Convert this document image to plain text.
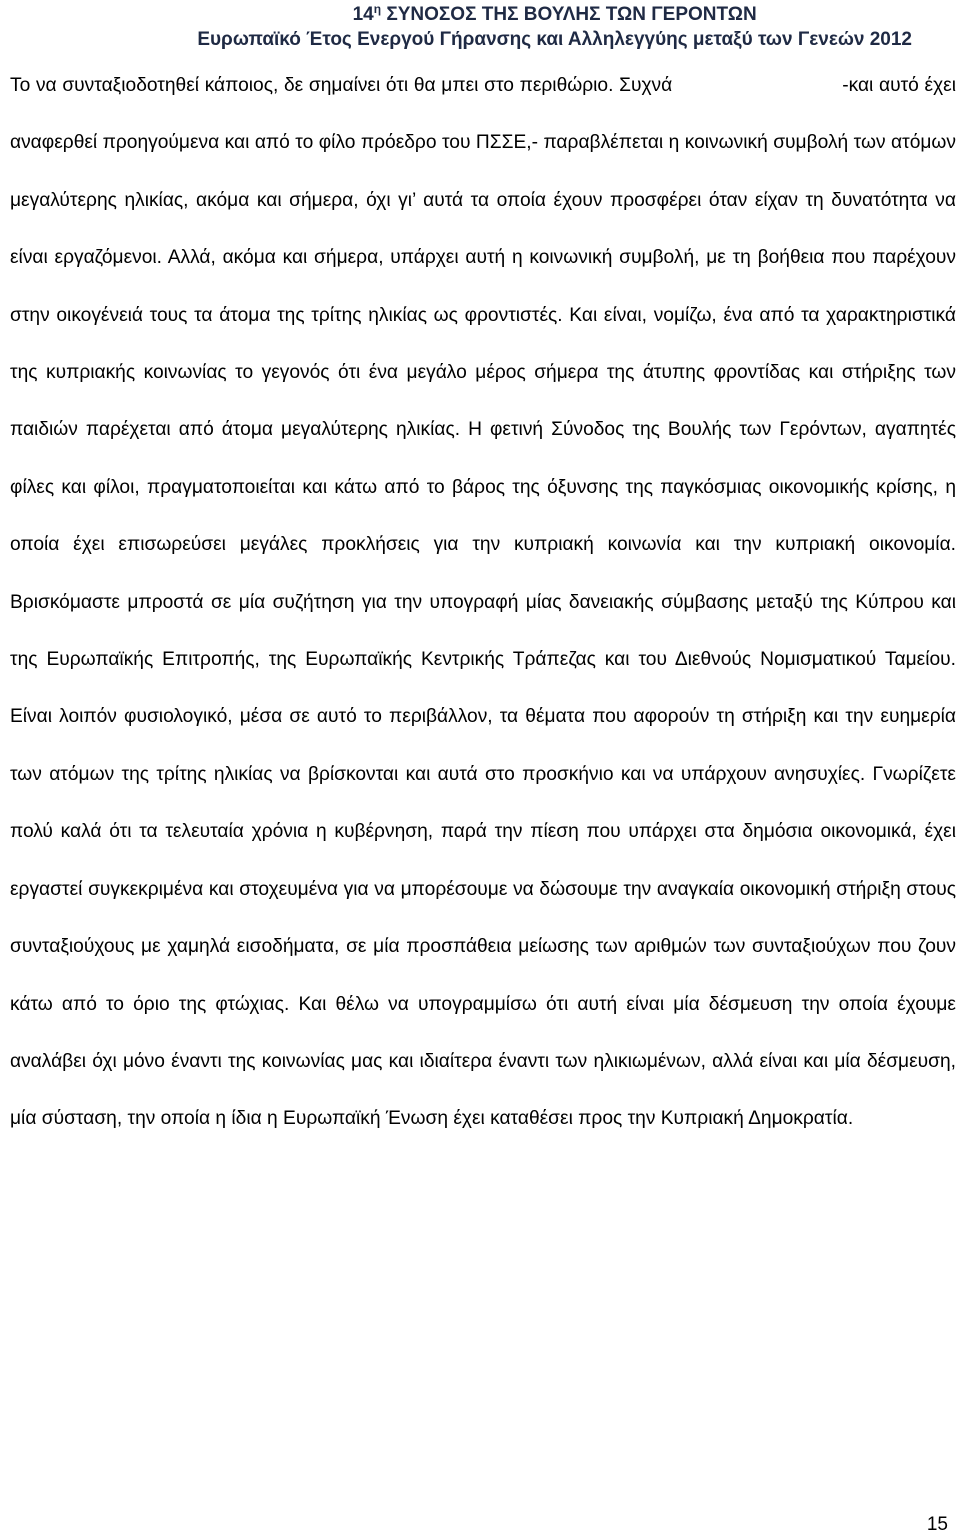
$14^\eta$ ΣΥΝΟΣΟΣ ΤΗΣ ΒΟΥΛΗΣ ΤΩΝ ΓΕΡΟΝΤΩΝ
Ευρωπαϊκό Έτος Ενεργού Γήρανσης και Αλληλεγγύης μεταξύ των Γενεών 2012

Το να συνταξιοδοτηθεί κάποιος, δε σημαίνει ότι θα μπει στο περιθώριο. Συχνά	-και αυτό έχει αναφερθεί προηγούμενα και από το φίλο πρόεδρο του ΠΣΣΕ,- παραβλέπεται η κοινωνική συμβολή των ατόμων μεγαλύτερης ηλικίας, ακόμα και σήμερα, όχι γι’ αυτά τα οποία έχουν προσφέρει όταν είχαν τη δυνατότητα να είναι εργαζόμενοι. Αλλά, ακόμα και σήμερα, υπάρχει αυτή η κοινωνική συμβολή, με τη βοήθεια που παρέχουν στην οικογένειά τους τα άτομα της τρίτης ηλικίας ως φροντιστές. Και είναι, νομίζω, ένα από τα χαρακτηριστικά της κυπριακής κοινωνίας το γεγονός ότι ένα μεγάλο μέρος σήμερα της άτυπης φροντίδας και στήριξης των παιδιών παρέχεται από άτομα μεγαλύτερης ηλικίας. Η φετινή Σύνοδος της Βουλής των Γερόντων, αγαπητές φίλες και φίλοι, πραγματοποιείται και κάτω από το βάρος της όξυνσης της παγκόσμιας οικονομικής κρίσης, η οποία έχει επισωρεύσει μεγάλες προκλήσεις για την κυπριακή κοινωνία και την κυπριακή οικονομία. Βρισκόμαστε μπροστά σε μία συζήτηση για την υπογραφή μίας δανειακής σύμβασης μεταξύ της Κύπρου και της Ευρωπαϊκής Επιτροπής, της Ευρωπαϊκής Κεντρικής Τράπεζας και του Διεθνούς Νομισματικού Ταμείου. Είναι λοιπόν φυσιολογικό, μέσα σε αυτό το περιβάλλον, τα θέματα που αφορούν τη στήριξη και την ευημερία των ατόμων της τρίτης ηλικίας να βρίσκονται και αυτά στο προσκήνιο και να υπάρχουν ανησυχίες. Γνωρίζετε πολύ καλά ότι τα τελευταία χρόνια η κυβέρνηση, παρά την πίεση που υπάρχει στα δημόσια οικονομικά, έχει εργαστεί συγκεκριμένα και στοχευμένα για να μπορέσουμε να δώσουμε την αναγκαία οικονομική στήριξη στους συνταξιούχους με χαμηλά εισοδήματα, σε μία προσπάθεια μείωσης των αριθμών των συνταξιούχων που ζουν κάτω από το όριο της φτώχιας. Και θέλω να υπογραμμίσω ότι αυτή είναι μία δέσμευση την οποία έχουμε αναλάβει όχι μόνο έναντι της κοινωνίας μας και ιδιαίτερα έναντι των ηλικιωμένων, αλλά είναι και μία δέσμευση, μία σύσταση, την οποία η ίδια η Ευρωπαϊκή Ένωση έχει καταθέσει προς την Κυπριακή Δημοκρατία.

15
